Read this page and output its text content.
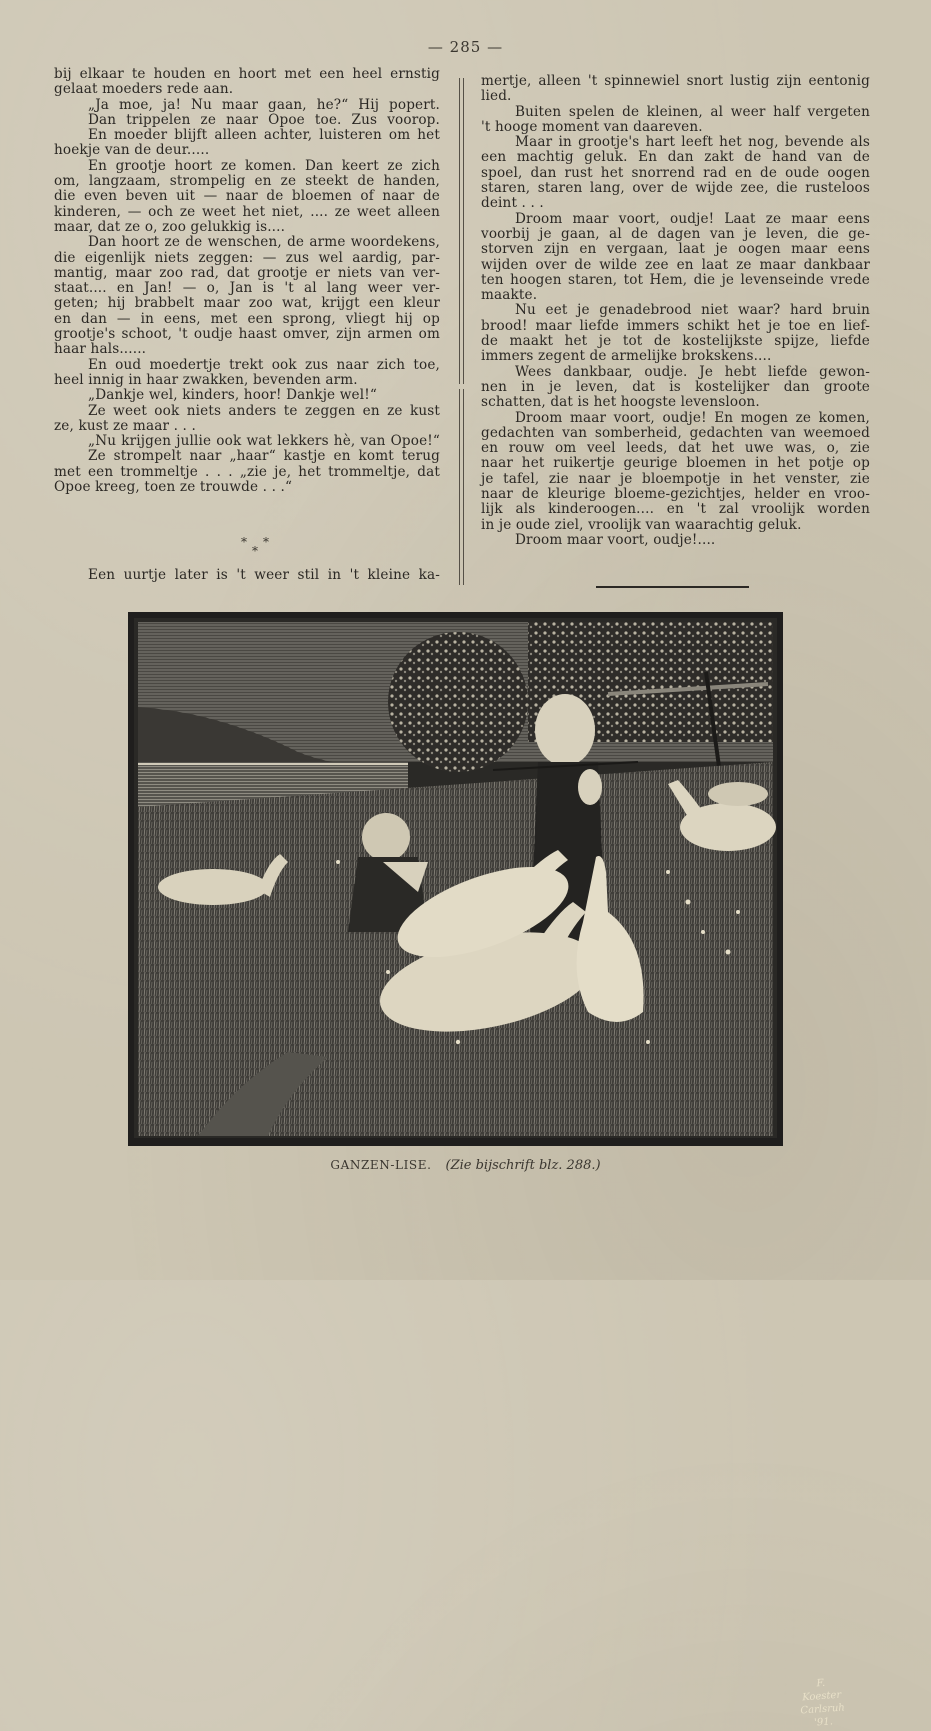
— 285 —
bij elkaar te houden en hoort met een heel ernstig
gelaat moeders rede aan.
„Ja moe, ja! Nu maar gaan, he?“ Hij popert.
Dan trippelen ze naar Opoe toe. Zus voorop.
En moeder blijft alleen achter, luisteren om het
hoekje van de deur.....
En grootje hoort ze komen. Dan keert ze zich
om, langzaam, strompelig en ze steekt de handen,
die even beven uit — naar de bloemen of naar de
kinderen, — och ze weet het niet, .... ze weet alleen
maar, dat ze o, zoo gelukkig is....
Dan hoort ze de wenschen, de arme woordekens,
die eigenlijk niets zeggen: — zus wel aardig, par-
mantig, maar zoo rad, dat grootje er niets van ver-
staat.... en Jan! — o, Jan is 't al lang weer ver-
geten; hij brabbelt maar zoo wat, krijgt een kleur
en dan — in eens, met een sprong, vliegt hij op
grootje's schoot, 't oudje haast omver, zijn armen om
haar hals......
En oud moedertje trekt ook zus naar zich toe,
heel innig in haar zwakken, bevenden arm.
„Dankje wel, kinders, hoor! Dankje wel!“
Ze weet ook niets anders te zeggen en ze kust
ze, kust ze maar . . .
„Nu krijgen jullie ook wat lekkers hè, van Opoe!“
Ze strompelt naar „haar“ kastje en komt terug
met een trommeltje . . . „zie je, het trommeltje, dat
Opoe kreeg, toen ze trouwde . . .“
* *
*
Een uurtje later is 't weer stil in 't kleine ka-
mertje, alleen 't spinnewiel snort lustig zijn eentonig
lied.
Buiten spelen de kleinen, al weer half vergeten
't hooge moment van daareven.
Maar in grootje's hart leeft het nog, bevende als
een machtig geluk. En dan zakt de hand van de
spoel, dan rust het snorrend rad en de oude oogen
staren, staren lang, over de wijde zee, die rusteloos
deint . . .
Droom maar voort, oudje! Laat ze maar eens
voorbij je gaan, al de dagen van je leven, die ge-
storven zijn en vergaan, laat je oogen maar eens
wijden over de wilde zee en laat ze maar dankbaar
ten hoogen staren, tot Hem, die je levenseinde vrede
maakte.
Nu eet je genadebrood niet waar? hard bruin
brood! maar liefde immers schikt het je toe en lief-
de maakt het je tot de kostelijkste spijze, liefde
immers zegent de armelijke brokskens....
Wees dankbaar, oudje. Je hebt liefde gewon-
nen in je leven, dat is kostelijker dan groote
schatten, dat is het hoogste levensloon.
Droom maar voort, oudje! En mogen ze komen,
gedachten van somberheid, gedachten van weemoed
en rouw om veel leeds, dat het uwe was, o, zie
naar het ruikertje geurige bloemen in het potje op
je tafel, zie naar je bloempotje in het venster, zie
naar de kleurige bloeme-gezichtjes, helder en vroo-
lijk als kinderoogen.... en 't zal vroolijk worden
in je oude ziel, vroolijk van waarachtig geluk.
Droom maar voort, oudje!....
F. Koester
Carlsruh '91.
GANZEN-LISE. (Zie bijschrift blz. 288.)
